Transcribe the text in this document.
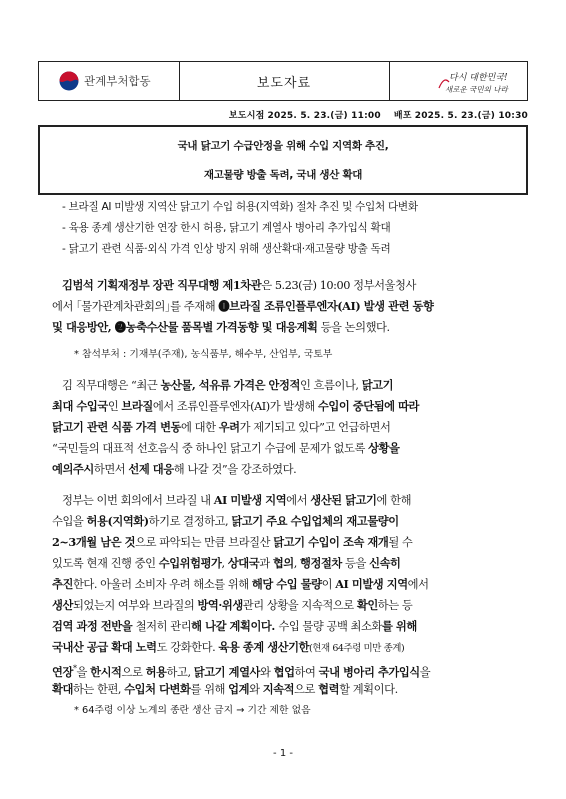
관계부처합동	보도자료	다시 대한민국!
새로운 국민의 나라
보도시점 2025. 5. 23.(금) 11:00 배포 2025. 5. 23.(금) 10:30
국내 닭고기 수급안정을 위해 수입 지역화 추진,
재고물량 방출 독려, 국내 생산 확대
- 브라질 AI 미발생 지역산 닭고기 수입 허용(지역화) 절차 추진 및 수입처 다변화
- 육용 종계 생산기한 연장 한시 허용, 닭고기 계열사 병아리 추가입식 확대
- 닭고기 관련 식품·외식 가격 인상 방지 위해 생산확대·재고물량 방출 독려
김범석 기획재정부 장관 직무대행 제1차관은 5.23(금) 10:00 정부서울청사
에서 ｢물가관계차관회의｣를 주재해 ❶브라질 조류인플루엔자(AI) 발생 관련 동향
및 대응방안, ❷농축수산물 품목별 가격동향 및 대응계획 등을 논의했다.
* 참석부처 : 기재부(주재), 농식품부, 해수부, 산업부, 국토부
김 직무대행은 “최근 농산물, 석유류 가격은 안정적인 흐름이나, 닭고기
최대 수입국인 브라질에서 조류인플루엔자(AI)가 발생해 수입이 중단됨에 따라
닭고기 관련 식품 가격 변동에 대한 우려가 제기되고 있다”고 언급하면서
“국민들의 대표적 선호음식 중 하나인 닭고기 수급에 문제가 없도록 상황을
예의주시하면서 선제 대응해 나갈 것”을 강조하였다.
정부는 이번 회의에서 브라질 내 AI 미발생 지역에서 생산된 닭고기에 한해
수입을 허용(지역화)하기로 결정하고, 닭고기 주요 수입업체의 재고물량이
2~3개월 남은 것으로 파악되는 만큼 브라질산 닭고기 수입이 조속 재개될 수
있도록 현재 진행 중인 수입위험평가, 상대국과 협의, 행정절차 등을 신속히
추진한다. 아울러 소비자 우려 해소를 위해 해당 수입 물량이 AI 미발생 지역에서
생산되었는지 여부와 브라질의 방역·위생관리 상황을 지속적으로 확인하는 등
검역 과정 전반을 철저히 관리해 나갈 계획이다. 수입 물량 공백 최소화를 위해
국내산 공급 확대 노력도 강화한다. 육용 종계 생산기한(현재 64주령 미만 종계)
연장*을 한시적으로 허용하고, 닭고기 계열사와 협업하여 국내 병아리 추가입식을
확대하는 한편, 수입처 다변화를 위해 업계와 지속적으로 협력할 계획이다.
* 64주령 이상 노계의 종란 생산 금지 → 기간 제한 없음
- 1 -
